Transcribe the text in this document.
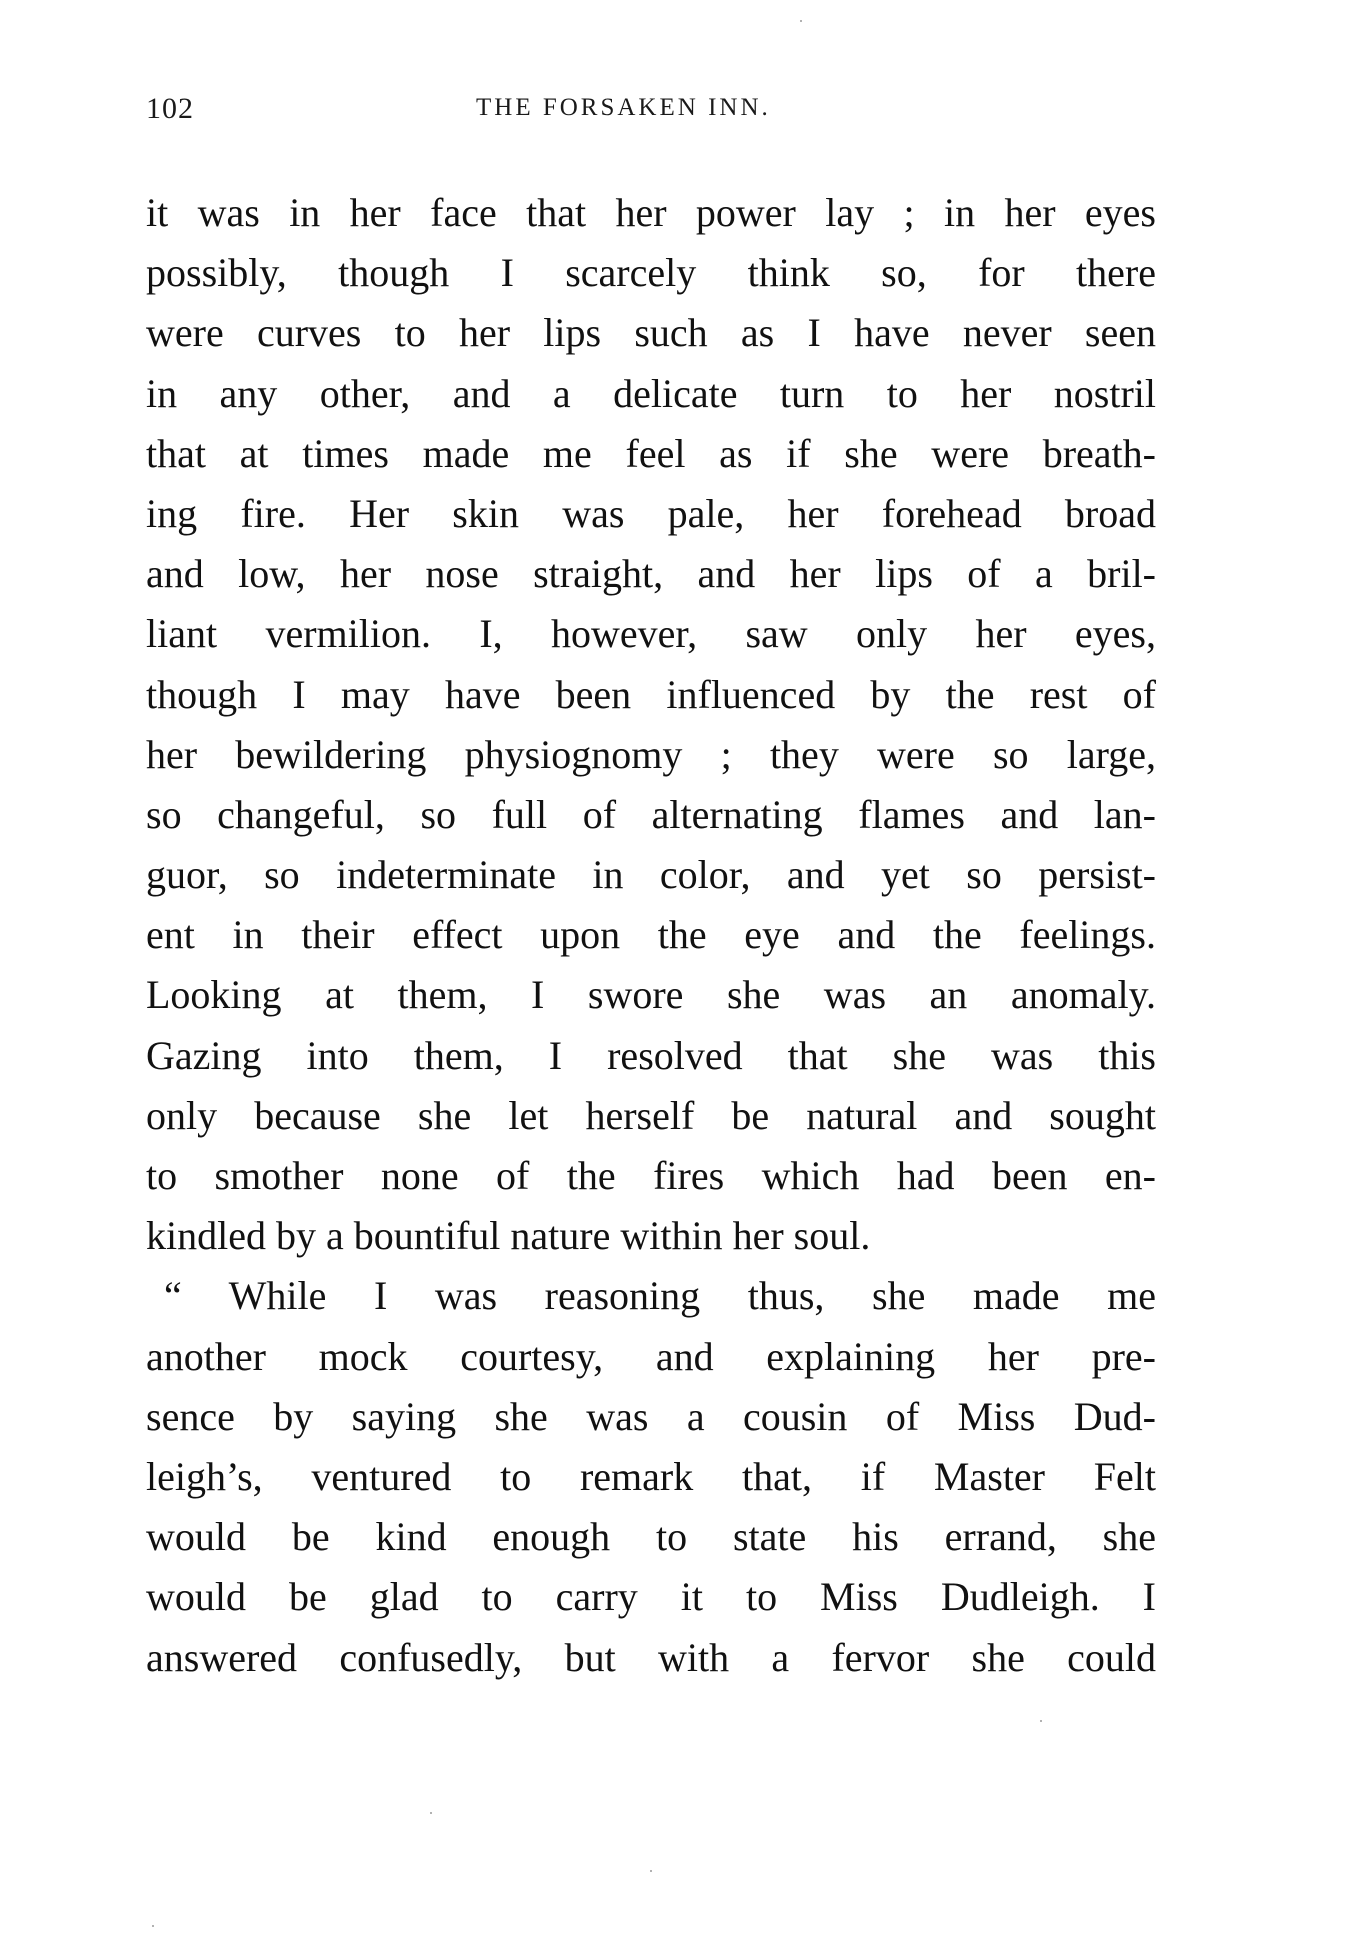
102	THE FORSAKEN INN.
it was in her face that her power lay ; in her eyes
possibly, though I scarcely think so, for there
were curves to her lips such as I have never seen
in any other, and a delicate turn to her nostril
that at times made me feel as if she were breath-
ing fire. Her skin was pale, her forehead broad
and low, her nose straight, and her lips of a bril-
liant vermilion. I, however, saw only her eyes,
though I may have been influenced by the rest of
her bewildering physiognomy ; they were so large,
so changeful, so full of alternating flames and lan-
guor, so indeterminate in color, and yet so persist-
ent in their effect upon the eye and the feelings.
Looking at them, I swore she was an anomaly.
Gazing into them, I resolved that she was this
only because she let herself be natural and sought
to smother none of the fires which had been en-
kindled by a bountiful nature within her soul.
“ While I was reasoning thus, she made me
another mock courtesy, and explaining her pre-
sence by saying she was a cousin of Miss Dud-
leigh’s, ventured to remark that, if Master Felt
would be kind enough to state his errand, she
would be glad to carry it to Miss Dudleigh. I
answered confusedly, but with a fervor she could
